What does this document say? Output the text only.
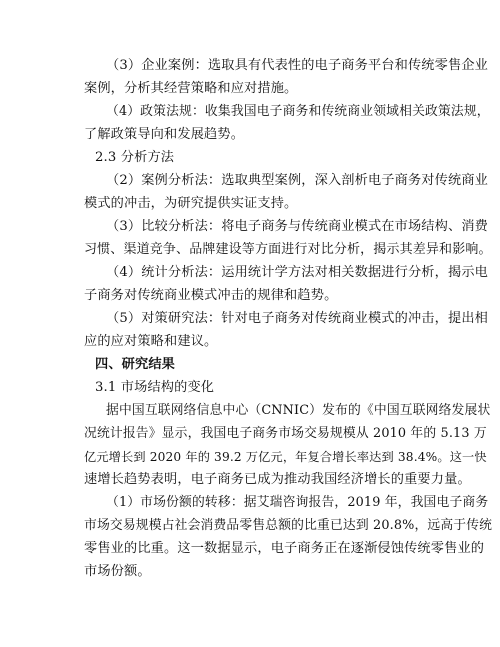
（3）企业案例：选取具有代表性的电子商务平台和传统零售企业
案例，分析其经营策略和应对措施。
（4）政策法规：收集我国电子商务和传统商业领域相关政策法规，
了解政策导向和发展趋势。
2.3 分析方法
（2）案例分析法：选取典型案例，深入剖析电子商务对传统商业
模式的冲击，为研究提供实证支持。
（3）比较分析法：将电子商务与传统商业模式在市场结构、消费
习惯、渠道竞争、品牌建设等方面进行对比分析，揭示其差异和影响。
（4）统计分析法：运用统计学方法对相关数据进行分析，揭示电
子商务对传统商业模式冲击的规律和趋势。
（5）对策研究法：针对电子商务对传统商业模式的冲击，提出相
应的应对策略和建议。
四、研究结果
3.1 市场结构的变化
据中国互联网络信息中心（CNNIC）发布的《中国互联网络发展状
况统计报告》显示，我国电子商务市场交易规模从 2010 年的 5.13 万
亿元增长到 2020 年的 39.2 万亿元，年复合增长率达到 38.4%。这一快
速增长趋势表明，电子商务已成为推动我国经济增长的重要力量。
（1）市场份额的转移：据艾瑞咨询报告，2019 年，我国电子商务
市场交易规模占社会消费品零售总额的比重已达到 20.8%，远高于传统
零售业的比重。这一数据显示，电子商务正在逐渐侵蚀传统零售业的
市场份额。
